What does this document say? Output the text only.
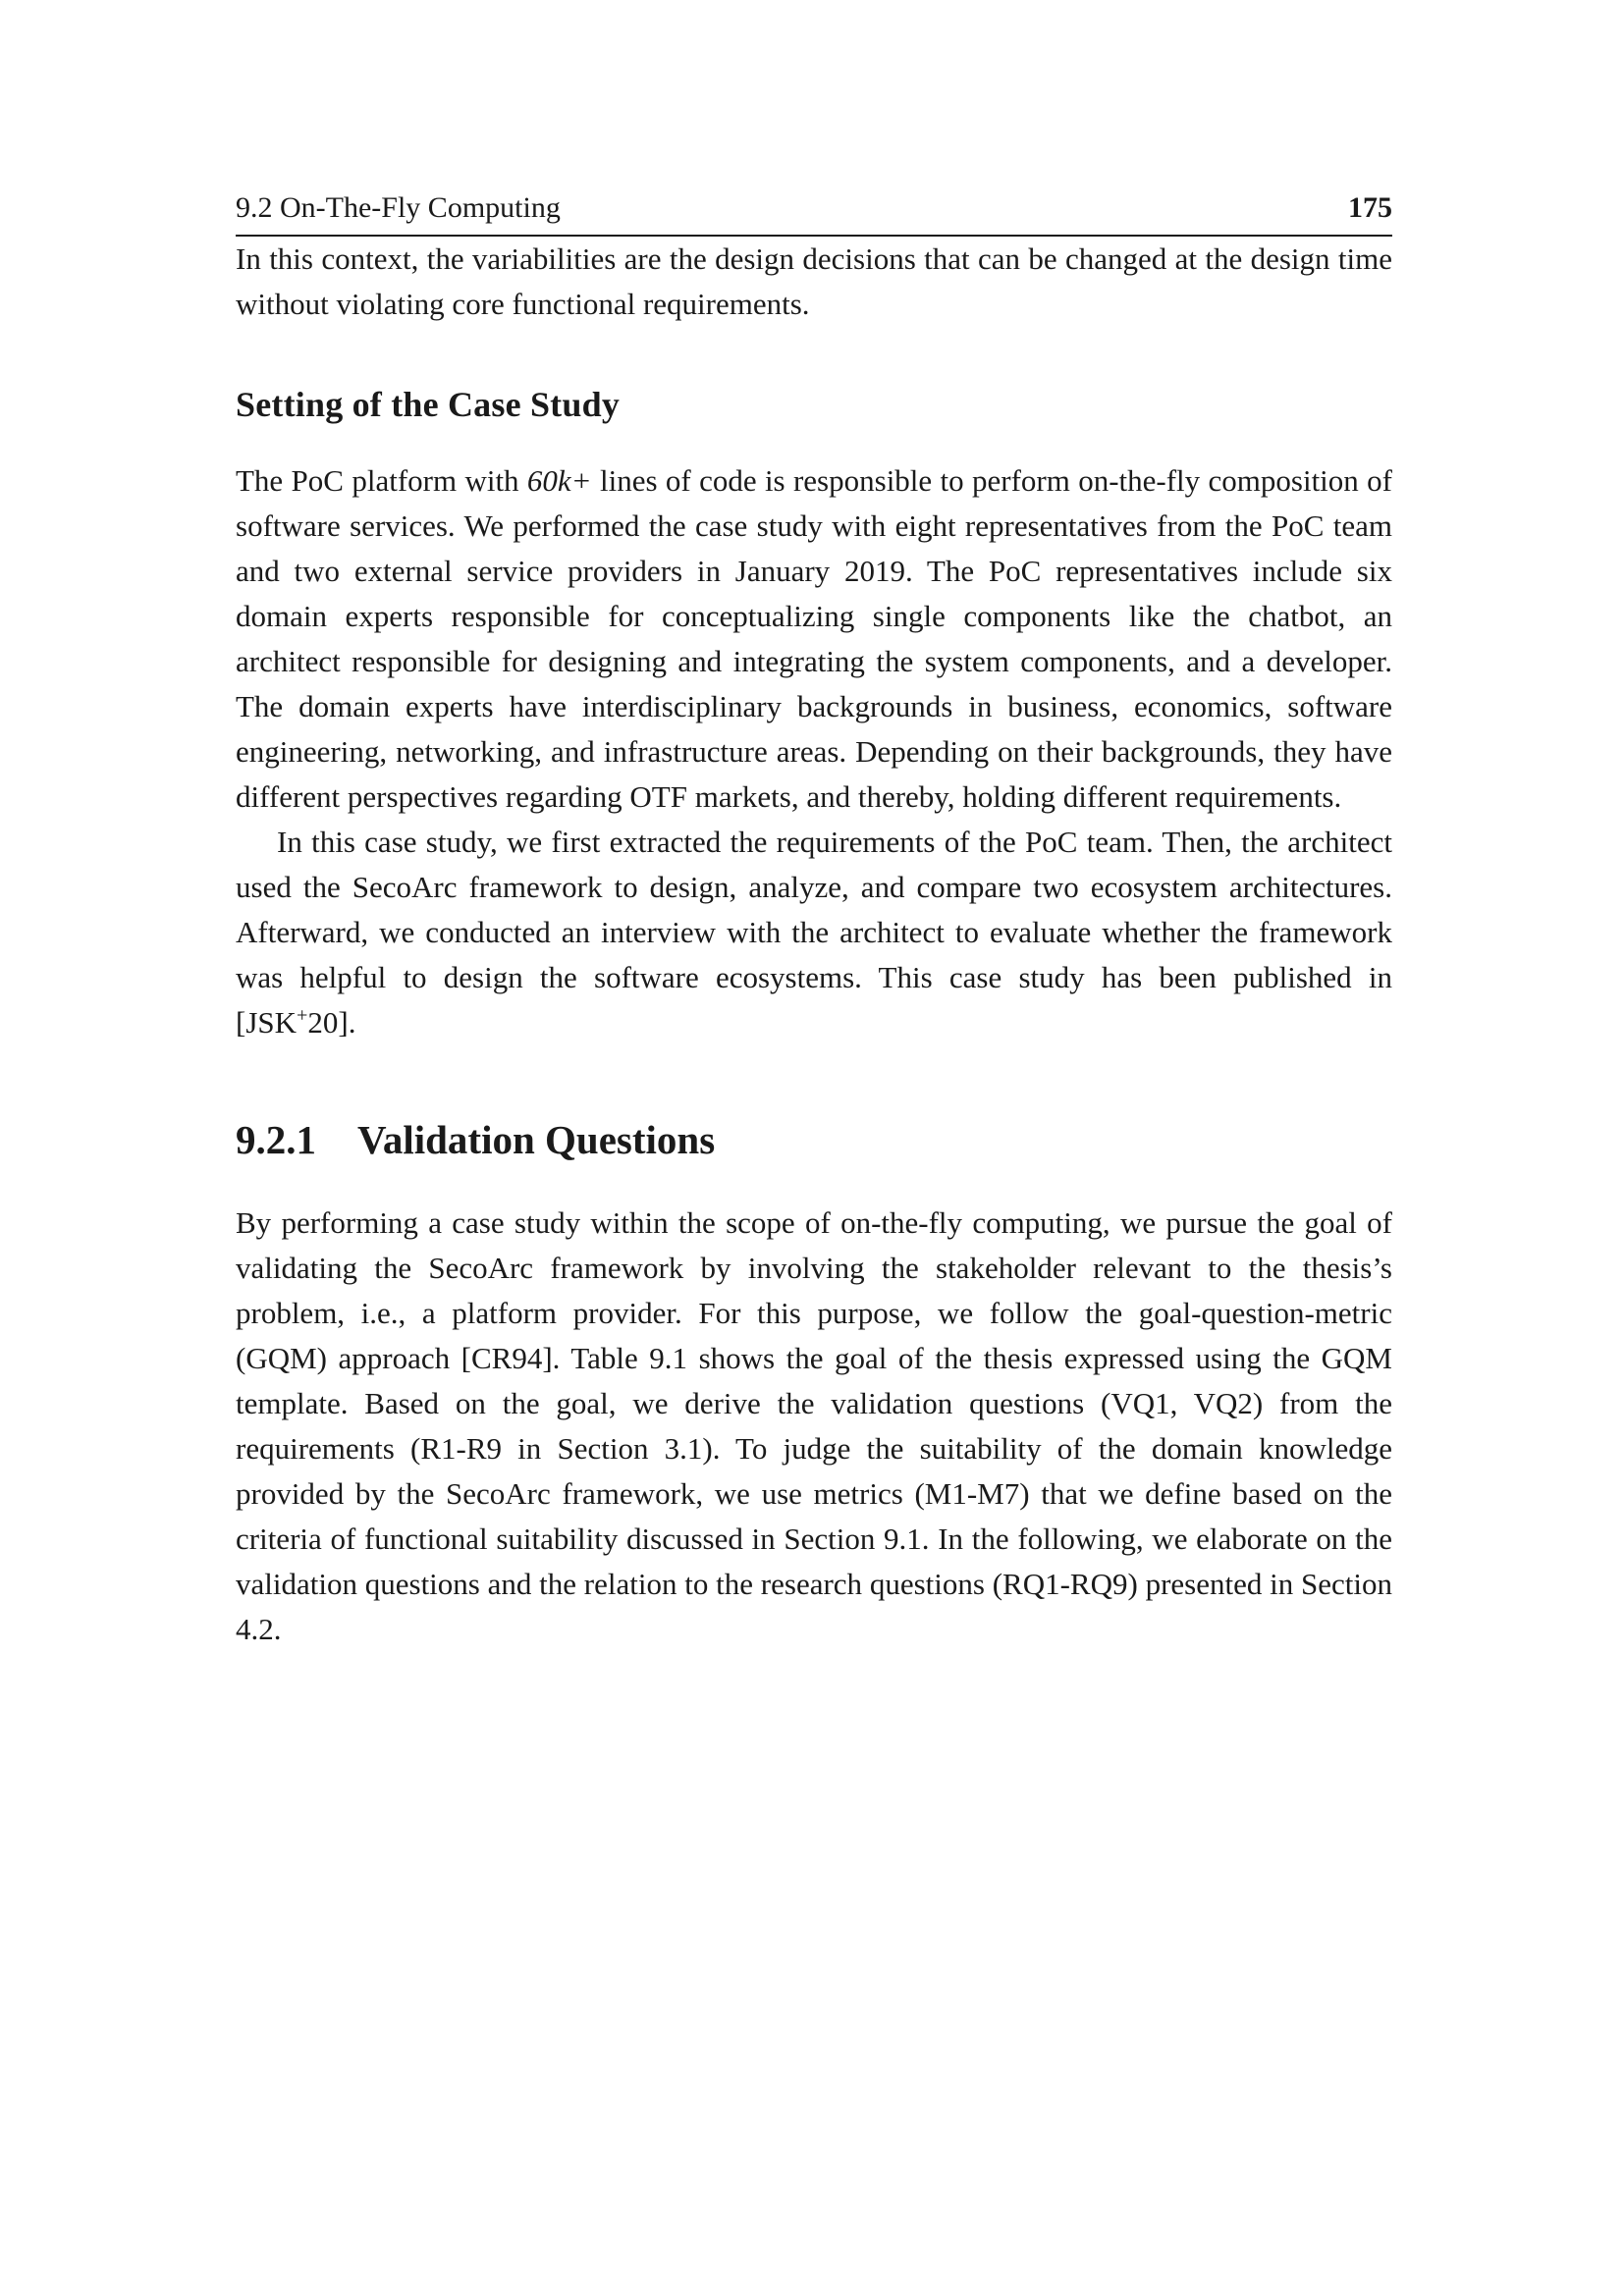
9.2 On-The-Fly Computing	175

In this context, the variabilities are the design decisions that can be changed at the design time without violating core functional requirements.

Setting of the Case Study

The PoC platform with 60k+ lines of code is responsible to perform on-the-fly composition of software services. We performed the case study with eight representatives from the PoC team and two external service providers in January 2019. The PoC representatives include six domain experts responsible for conceptualizing single components like the chatbot, an architect responsible for designing and integrating the system components, and a developer. The domain experts have interdisciplinary backgrounds in business, economics, software engineering, networking, and infrastructure areas. Depending on their backgrounds, they have different perspectives regarding OTF markets, and thereby, holding different requirements.

In this case study, we first extracted the requirements of the PoC team. Then, the architect used the SecoArc framework to design, analyze, and compare two ecosystem architectures. Afterward, we conducted an interview with the architect to evaluate whether the framework was helpful to design the software ecosystems. This case study has been published in [JSK+20].

9.2.1 Validation Questions

By performing a case study within the scope of on-the-fly computing, we pursue the goal of validating the SecoArc framework by involving the stakeholder relevant to the thesis’s problem, i.e., a platform provider. For this purpose, we follow the goal-question-metric (GQM) approach [CR94]. Table 9.1 shows the goal of the thesis expressed using the GQM template. Based on the goal, we derive the validation questions (VQ1, VQ2) from the requirements (R1-R9 in Section 3.1). To judge the suitability of the domain knowledge provided by the SecoArc framework, we use metrics (M1-M7) that we define based on the criteria of functional suitability discussed in Section 9.1. In the following, we elaborate on the validation questions and the relation to the research questions (RQ1-RQ9) presented in Section 4.2.
